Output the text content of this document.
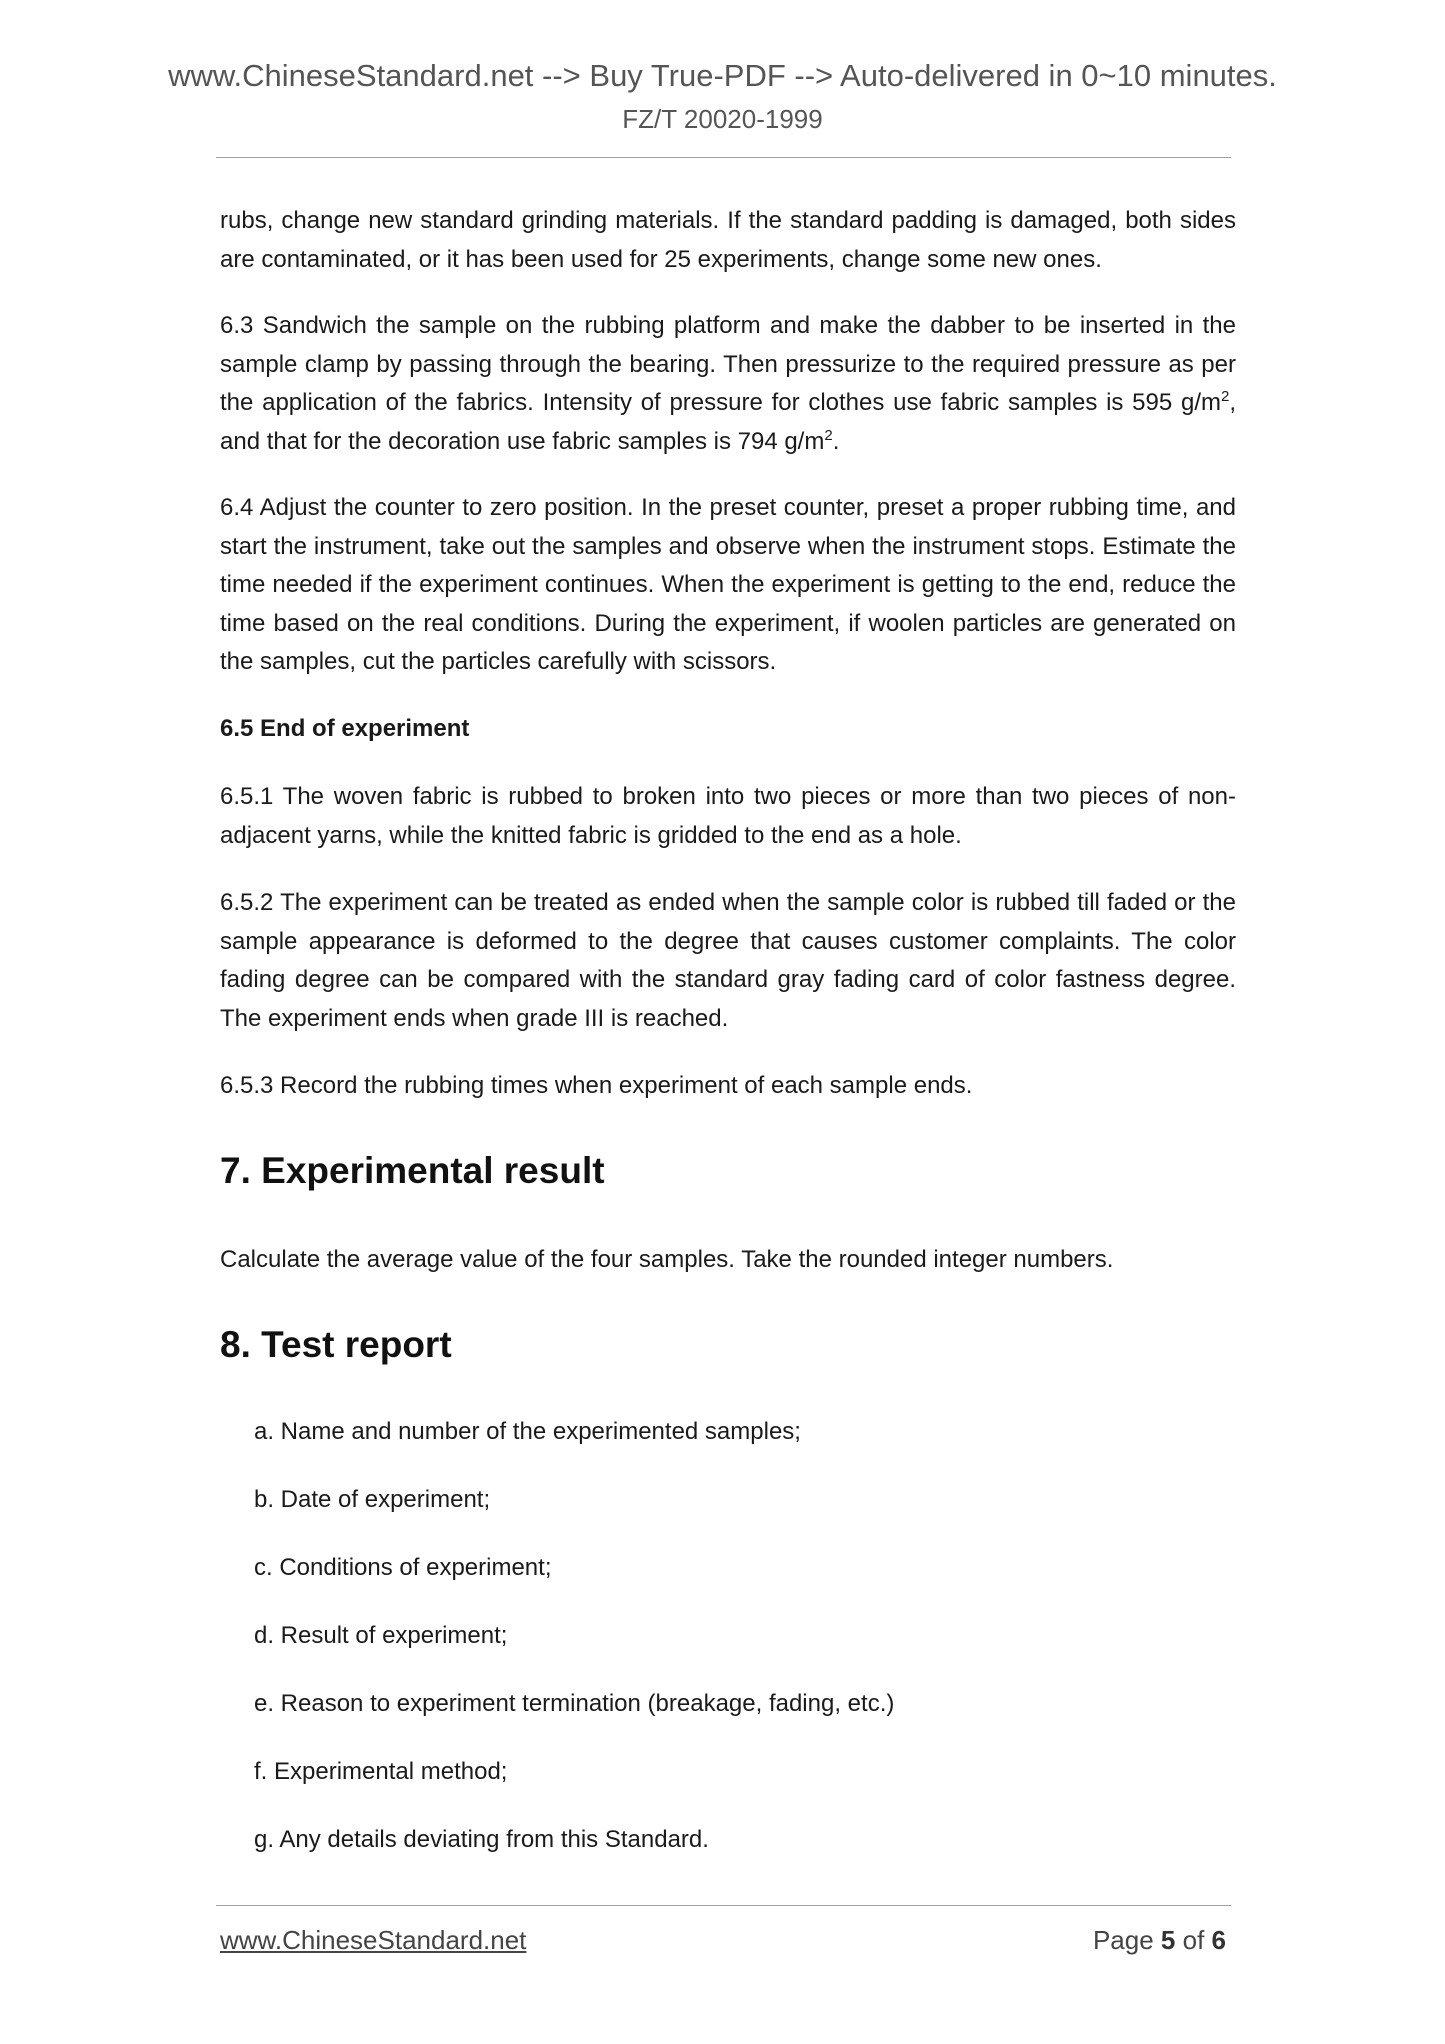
www.ChineseStandard.net --> Buy True-PDF --> Auto-delivered in 0~10 minutes.
FZ/T 20020-1999

rubs, change new standard grinding materials. If the standard padding is damaged, both sides are contaminated, or it has been used for 25 experiments, change some new ones.

6.3 Sandwich the sample on the rubbing platform and make the dabber to be inserted in the sample clamp by passing through the bearing. Then pressurize to the required pressure as per the application of the fabrics. Intensity of pressure for clothes use fabric samples is 595 $g/m^2$, and that for the decoration use fabric samples is 794 $g/m^2$.

6.4 Adjust the counter to zero position. In the preset counter, preset a proper rubbing time, and start the instrument, take out the samples and observe when the instrument stops. Estimate the time needed if the experiment continues. When the experiment is getting to the end, reduce the time based on the real conditions. During the experiment, if woolen particles are generated on the samples, cut the particles carefully with scissors.

6.5 End of experiment

6.5.1 The woven fabric is rubbed to broken into two pieces or more than two pieces of non-adjacent yarns, while the knitted fabric is gridded to the end as a hole.

6.5.2 The experiment can be treated as ended when the sample color is rubbed till faded or the sample appearance is deformed to the degree that causes customer complaints. The color fading degree can be compared with the standard gray fading card of color fastness degree. The experiment ends when grade III is reached.

6.5.3 Record the rubbing times when experiment of each sample ends.

7. Experimental result

Calculate the average value of the four samples. Take the rounded integer numbers.

8. Test report

a. Name and number of the experimented samples;

b. Date of experiment;

c. Conditions of experiment;

d. Result of experiment;

e. Reason to experiment termination (breakage, fading, etc.)

f. Experimental method;

g. Any details deviating from this Standard.

www.ChineseStandard.net	Page 5 of 6
